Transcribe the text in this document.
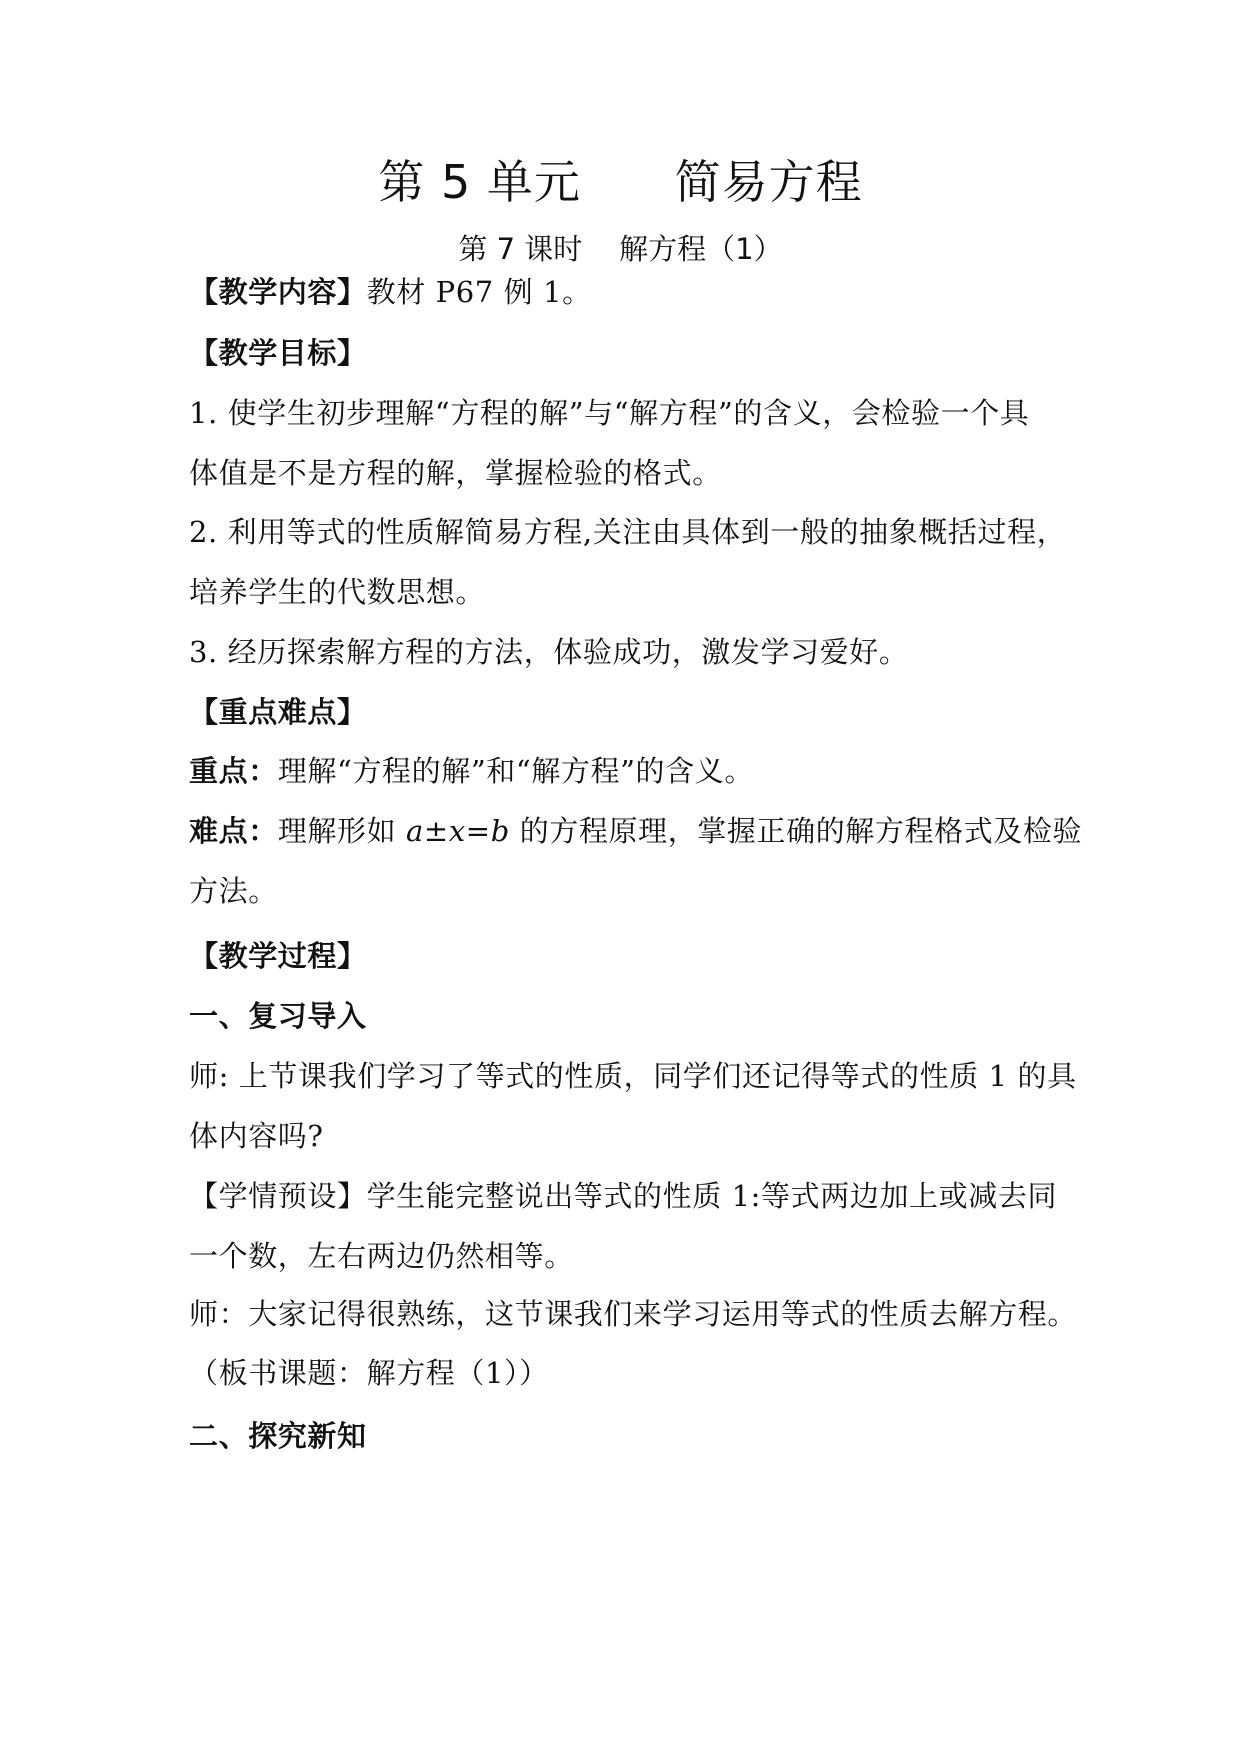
第 5 单元      简易方程
第 7 课时    解方程（1）
【教学内容】教材 P67 例 1。
【教学目标】
1. 使学生初步理解“方程的解”与“解方程”的含义，会检验一个具
体值是不是方程的解，掌握检验的格式。
2. 利用等式的性质解简易方程,关注由具体到一般的抽象概括过程，
培养学生的代数思想。
3. 经历探索解方程的方法，体验成功，激发学习爱好。
【重点难点】
重点：理解“方程的解”和“解方程”的含义。
难点：理解形如 a±x=b 的方程原理，掌握正确的解方程格式及检验
方法。
【教学过程】
一、复习导入
师: 上节课我们学习了等式的性质，同学们还记得等式的性质 1 的具
体内容吗?
【学情预设】学生能完整说出等式的性质 1:等式两边加上或减去同
一个数，左右两边仍然相等。
师：大家记得很熟练，这节课我们来学习运用等式的性质去解方程。
（板书课题：解方程（1））
二、探究新知
